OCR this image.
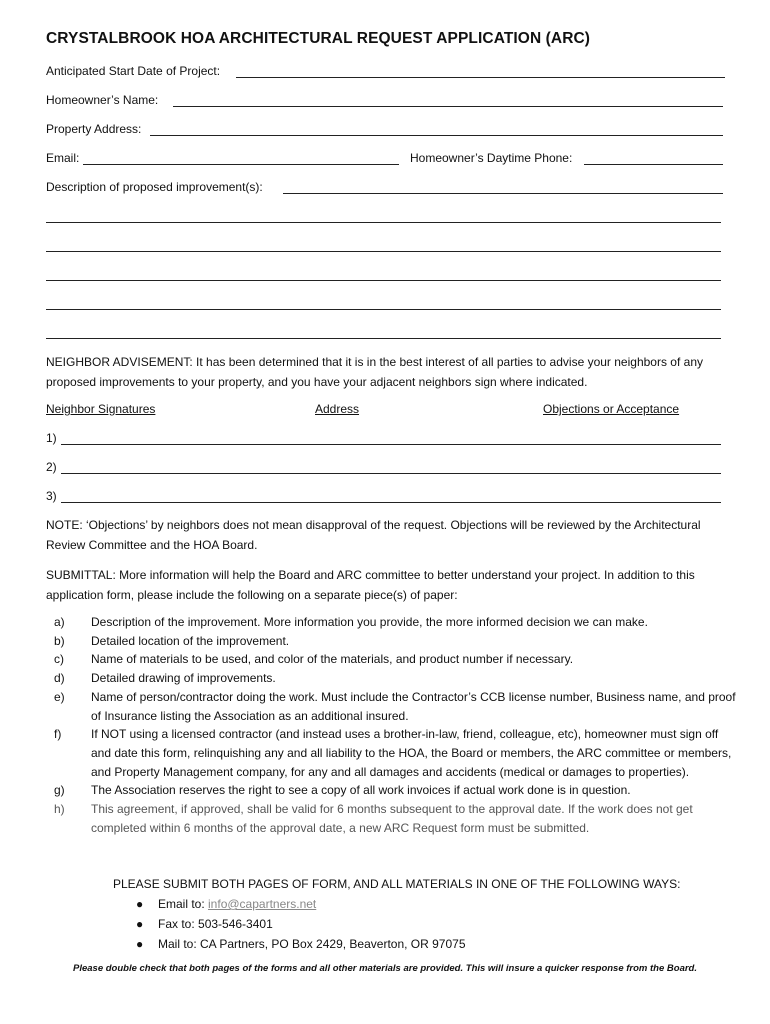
CRYSTALBROOK HOA ARCHITECTURAL REQUEST APPLICATION (ARC)
Anticipated Start Date of Project:
Homeowner’s Name:
Property Address:
Email:	Homeowner’s Daytime Phone:
Description of proposed improvement(s):
NEIGHBOR ADVISEMENT: It has been determined that it is in the best interest of all parties to advise your neighbors of any proposed improvements to your property, and you have your adjacent neighbors sign where indicated.
Neighbor Signatures	Address	Objections or Acceptance
1)
2)
3)
NOTE: ‘Objections’ by neighbors does not mean disapproval of the request. Objections will be reviewed by the Architectural Review Committee and the HOA Board.
SUBMITTAL: More information will help the Board and ARC committee to better understand your project. In addition to this application form, please include the following on a separate piece(s) of paper:
a) Description of the improvement. More information you provide, the more informed decision we can make.
b) Detailed location of the improvement.
c) Name of materials to be used, and color of the materials, and product number if necessary.
d) Detailed drawing of improvements.
e) Name of person/contractor doing the work. Must include the Contractor’s CCB license number, Business name, and proof of Insurance listing the Association as an additional insured.
f) If NOT using a licensed contractor (and instead uses a brother-in-law, friend, colleague, etc), homeowner must sign off and date this form, relinquishing any and all liability to the HOA, the Board or members, the ARC committee or members, and Property Management company, for any and all damages and accidents (medical or damages to properties).
g) The Association reserves the right to see a copy of all work invoices if actual work done is in question.
h) This agreement, if approved, shall be valid for 6 months subsequent to the approval date. If the work does not get completed within 6 months of the approval date, a new ARC Request form must be submitted.
PLEASE SUBMIT BOTH PAGES OF FORM, AND ALL MATERIALS IN ONE OF THE FOLLOWING WAYS:
● Email to: info@capartners.net
● Fax to: 503-546-3401
● Mail to: CA Partners, PO Box 2429, Beaverton, OR 97075
Please double check that both pages of the forms and all other materials are provided. This will insure a quicker response from the Board.
